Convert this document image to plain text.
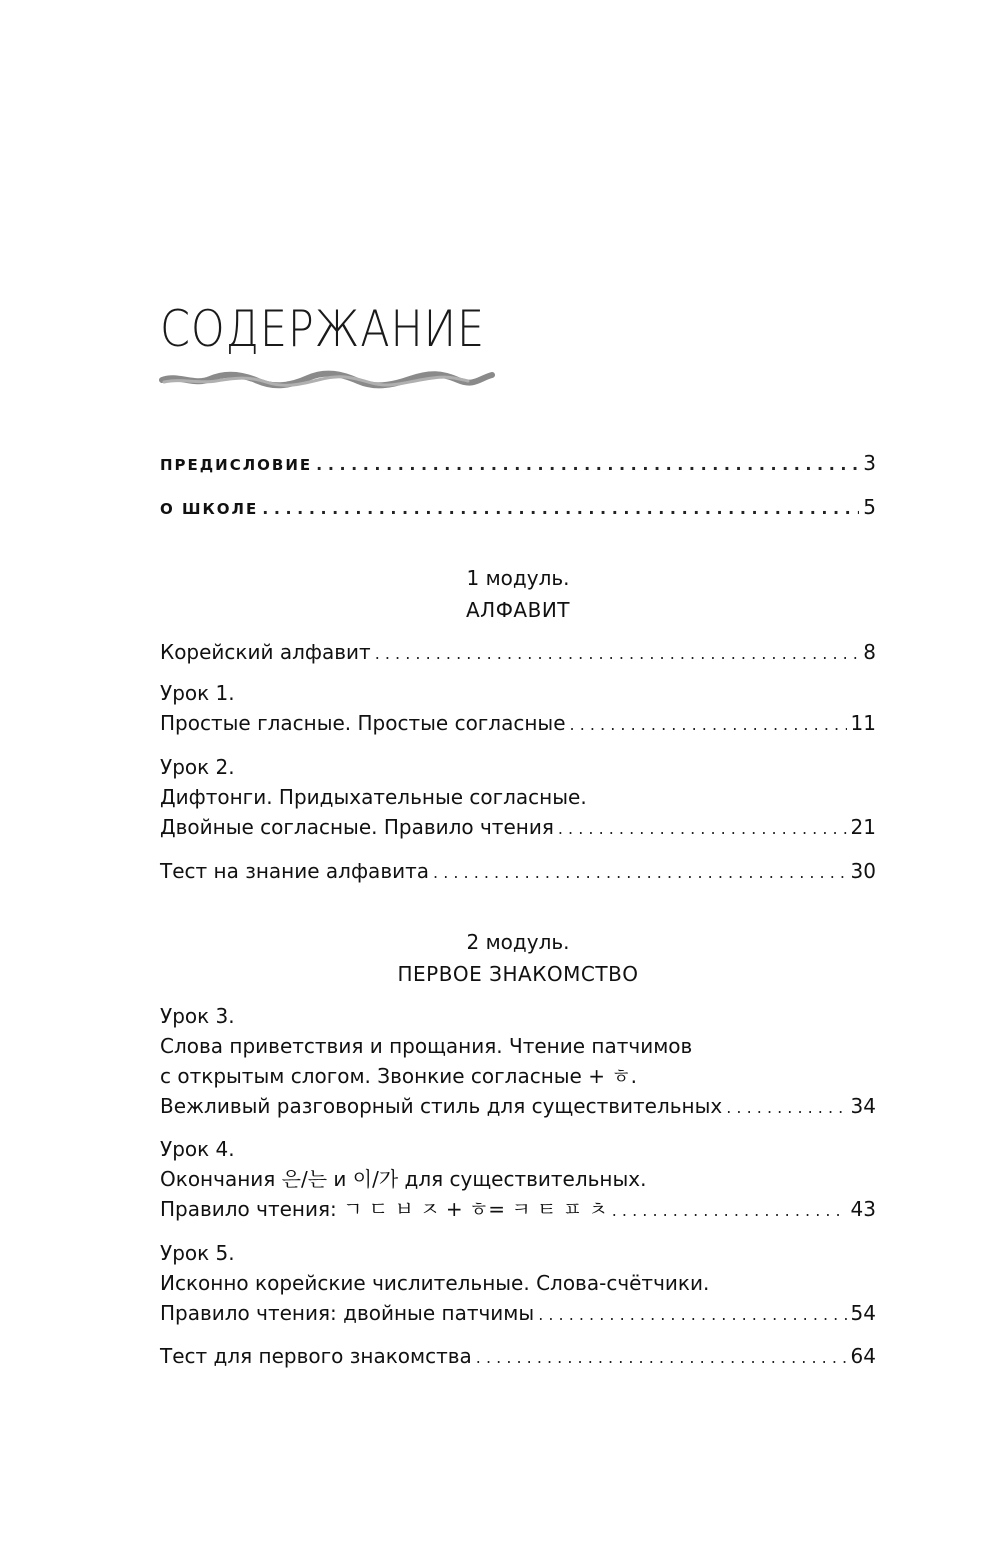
СОДЕРЖАНИЕ
ПРЕДИСЛОВИЕ . . .	3
О ШКОЛЕ . . .	5
1 модуль.
АЛФАВИТ
Корейский алфавит . . .	8
Урок 1.
Простые гласные. Простые согласные . . .	11
Урок 2.
Дифтонги. Придыхательные согласные.
Двойные согласные. Правило чтения . . .	21
Тест на знание алфавита . . .	30
2 модуль.
ПЕРВОЕ ЗНАКОМСТВО
Урок 3.
Слова приветствия и прощания. Чтение патчимов
с открытым слогом. Звонкие согласные + ㅎ.
Вежливый разговорный стиль для существительных . . .	34
Урок 4.
Окончания 은/는 и 이/가 для существительных.
Правило чтения: ㄱ ㄷ ㅂ ㅈ + ㅎ= ㅋ ㅌ ㅍ ㅊ . . .	43
Урок 5.
Исконно корейские числительные. Слова-счётчики.
Правило чтения: двойные патчимы . . .	54
Тест для первого знакомства . . .	64
